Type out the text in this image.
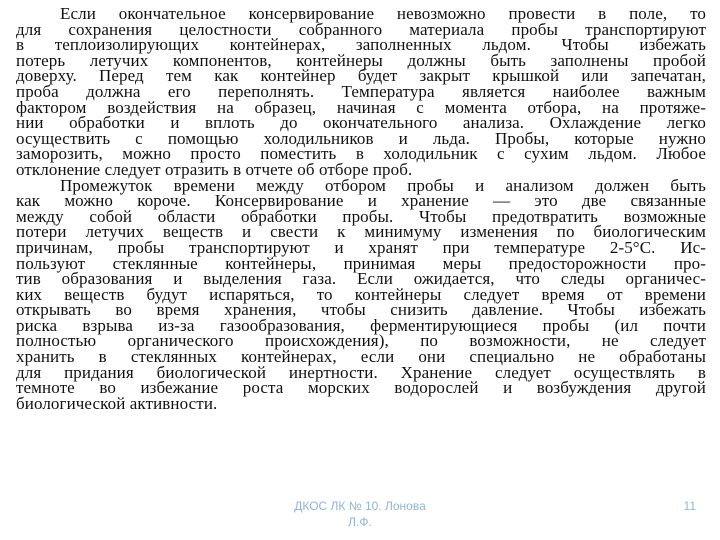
Если окончательное консервирование невозможно провести в поле, то
для сохранения целостности собранного материала пробы транспортируют
в теплоизолирующих контейнерах, заполненных льдом. Чтобы избежать
потерь летучих компонентов, контейнеры должны быть заполнены пробой
доверху. Перед тем как контейнер будет закрыт крышкой или запечатан,
проба должна его переполнять. Температура является наиболее важным
фактором воздействия на образец, начиная с момента отбора, на протяже-
нии обработки и вплоть до окончательного анализа. Охлаждение легко
осуществить с помощью холодильников и льда. Пробы, которые нужно
заморозить, можно просто поместить в холодильник с сухим льдом. Любое
отклонение следует отразить в отчете об отборе проб.
Промежуток времени между отбором пробы и анализом должен быть
как можно короче. Консервирование и хранение — это две связанные
между собой области обработки пробы. Чтобы предотвратить возможные
потери летучих веществ и свести к минимуму изменения по биологическим
причинам, пробы транспортируют и хранят при температуре 2-5°С. Ис-
пользуют стеклянные контейнеры, принимая меры предосторожности про-
тив образования и выделения газа. Если ожидается, что следы органичес-
ких веществ будут испаряться, то контейнеры следует время от времени
открывать во время хранения, чтобы снизить давление. Чтобы избежать
риска взрыва из-за газообразования, ферментирующиеся пробы (ил почти
полностью органического происхождения), по возможности, не следует
хранить в стеклянных контейнерах, если они специально не обработаны
для придания биологической инертности. Хранение следует осуществлять в
темноте во избежание роста морских водорослей и возбуждения другой
биологической активности.
ДКОС ЛК № 10. Лонова
Л.Ф.
11
